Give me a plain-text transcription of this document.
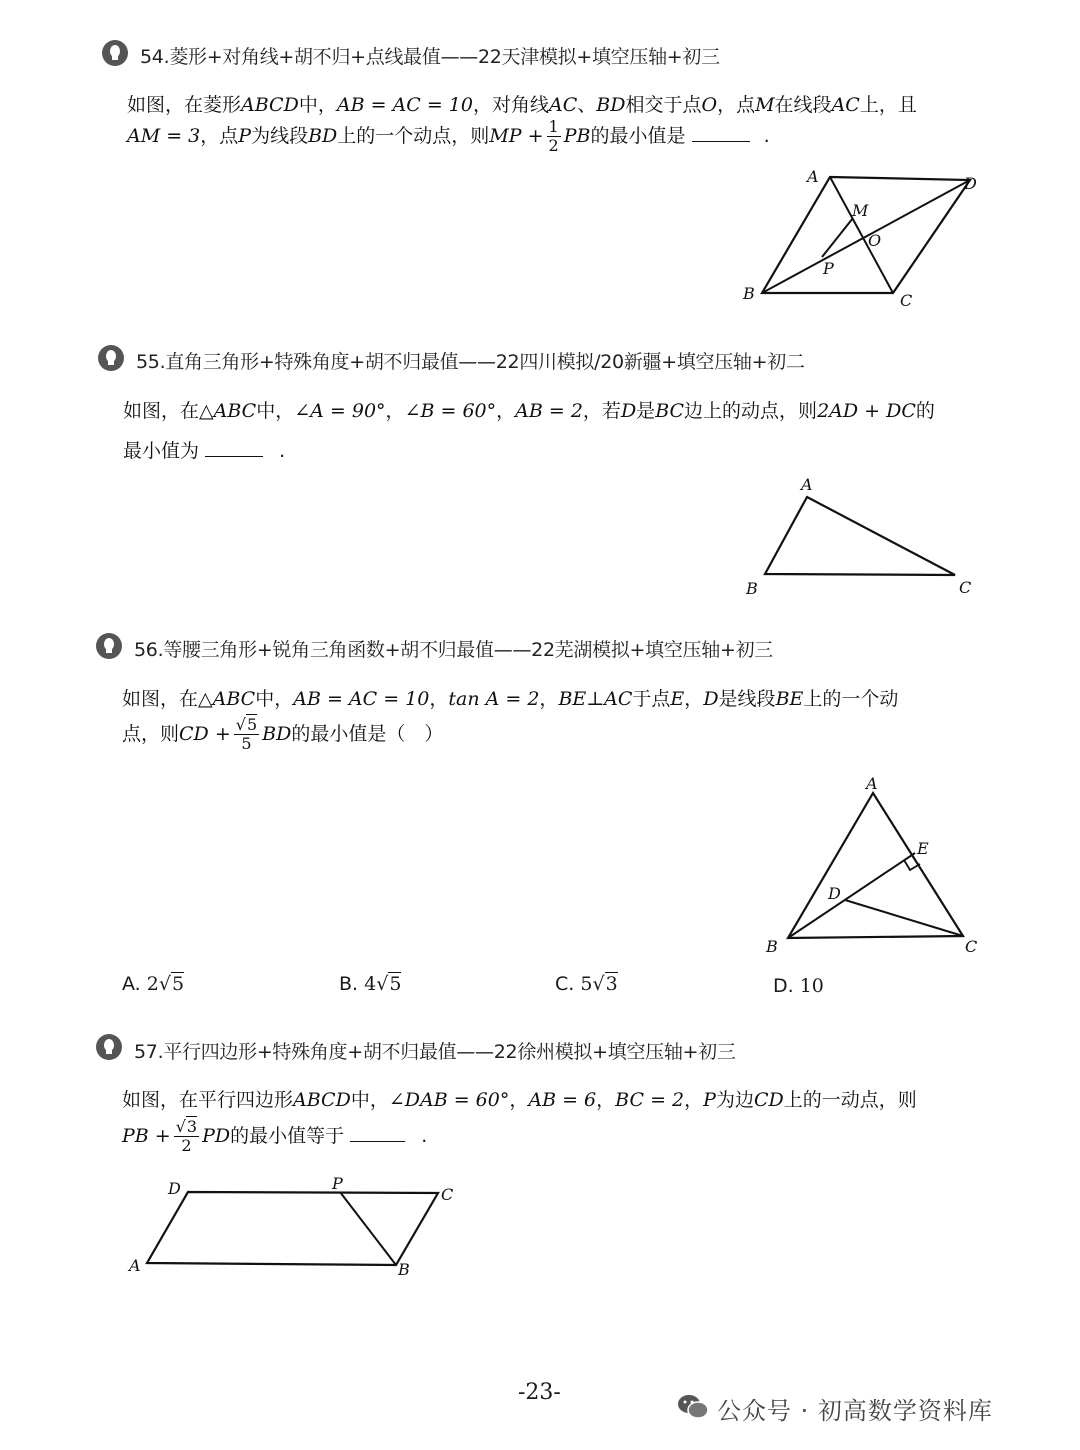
54.菱形+对角线+胡不归+点线最值——22天津模拟+填空压轴+初三
如图，在菱形ABCD中，AB = AC = 10，对角线AC、BD相交于点O，点M在线段AC上，且
AM = 3，点P为线段BD上的一个动点，则MP + $\frac{1}{2}$ PB的最小值是	.
A	D
M
O
P
B	C
55.直角三角形+特殊角度+胡不归最值——22四川模拟/20新疆+填空压轴+初二
如图，在△ABC中，∠A = 90°，∠B = 60°，AB = 2，若D是BC边上的动点，则2AD + DC的
最小值为	.
A
B	C
56.等腰三角形+锐角三角函数+胡不归最值——22芜湖模拟+填空压轴+初三
如图，在△ABC中，AB = AC = 10，tan A = 2，BE⊥AC于点E，D是线段BE上的一个动
点，则CD + $\frac{√5}{5}$ BD的最小值是（　）
A
E
D
B	C
A. 2√5	B. 4√5	C. 5√3	D. 10
57.平行四边形+特殊角度+胡不归最值——22徐州模拟+填空压轴+初三
如图，在平行四边形ABCD中，∠DAB = 60°，AB = 6，BC = 2，P为边CD上的一动点，则
PB + $\frac{√3}{2}$ PD的最小值等于	.
D	P
C
A	B
-23-
公众号 · 初高数学资料库
